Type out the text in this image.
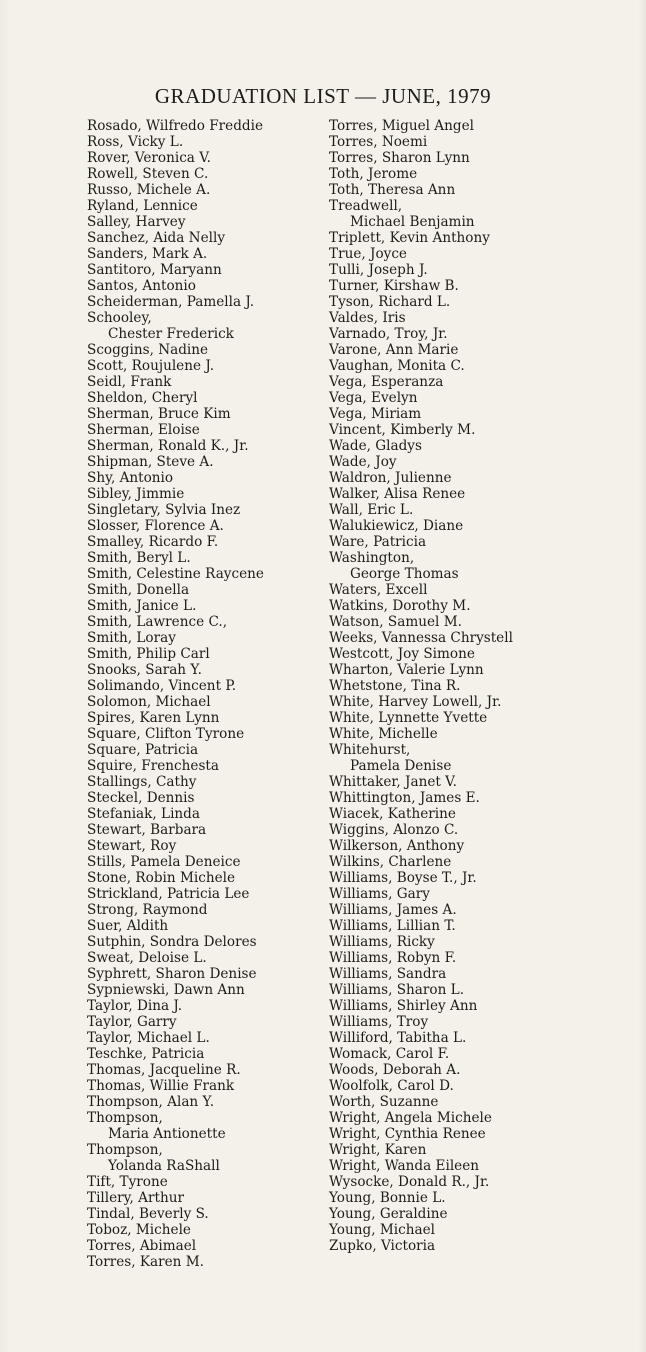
GRADUATION LIST — JUNE, 1979
Rosado, Wilfredo Freddie
Ross, Vicky L.
Rover, Veronica V.
Rowell, Steven C.
Russo, Michele A.
Ryland, Lennice
Salley, Harvey
Sanchez, Aida Nelly
Sanders, Mark A.
Santitoro, Maryann
Santos, Antonio
Scheiderman, Pamella J.
Schooley,
Chester Frederick
Scoggins, Nadine
Scott, Roujulene J.
Seidl, Frank
Sheldon, Cheryl
Sherman, Bruce Kim
Sherman, Eloise
Sherman, Ronald K., Jr.
Shipman, Steve A.
Shy, Antonio
Sibley, Jimmie
Singletary, Sylvia Inez
Slosser, Florence A.
Smalley, Ricardo F.
Smith, Beryl L.
Smith, Celestine Raycene
Smith, Donella
Smith, Janice L.
Smith, Lawrence C.,
Smith, Loray
Smith, Philip Carl
Snooks, Sarah Y.
Solimando, Vincent P.
Solomon, Michael
Spires, Karen Lynn
Square, Clifton Tyrone
Square, Patricia
Squire, Frenchesta
Stallings, Cathy
Steckel, Dennis
Stefaniak, Linda
Stewart, Barbara
Stewart, Roy
Stills, Pamela Deneice
Stone, Robin Michele
Strickland, Patricia Lee
Strong, Raymond
Suer, Aldith
Sutphin, Sondra Delores
Sweat, Deloise L.
Syphrett, Sharon Denise
Sypniewski, Dawn Ann
Taylor, Dina J.
Taylor, Garry
Taylor, Michael L.
Teschke, Patricia
Thomas, Jacqueline R.
Thomas, Willie Frank
Thompson, Alan Y.
Thompson,
Maria Antionette
Thompson,
Yolanda RaShall
Tift, Tyrone
Tillery, Arthur
Tindal, Beverly S.
Toboz, Michele
Torres, Abimael
Torres, Karen M.
Torres, Miguel Angel
Torres, Noemi
Torres, Sharon Lynn
Toth, Jerome
Toth, Theresa Ann
Treadwell,
Michael Benjamin
Triplett, Kevin Anthony
True, Joyce
Tulli, Joseph J.
Turner, Kirshaw B.
Tyson, Richard L.
Valdes, Iris
Varnado, Troy, Jr.
Varone, Ann Marie
Vaughan, Monita C.
Vega, Esperanza
Vega, Evelyn
Vega, Miriam
Vincent, Kimberly M.
Wade, Gladys
Wade, Joy
Waldron, Julienne
Walker, Alisa Renee
Wall, Eric L.
Walukiewicz, Diane
Ware, Patricia
Washington,
George Thomas
Waters, Excell
Watkins, Dorothy M.
Watson, Samuel M.
Weeks, Vannessa Chrystell
Westcott, Joy Simone
Wharton, Valerie Lynn
Whetstone, Tina R.
White, Harvey Lowell, Jr.
White, Lynnette Yvette
White, Michelle
Whitehurst,
Pamela Denise
Whittaker, Janet V.
Whittington, James E.
Wiacek, Katherine
Wiggins, Alonzo C.
Wilkerson, Anthony
Wilkins, Charlene
Williams, Boyse T., Jr.
Williams, Gary
Williams, James A.
Williams, Lillian T.
Williams, Ricky
Williams, Robyn F.
Williams, Sandra
Williams, Sharon L.
Williams, Shirley Ann
Williams, Troy
Williford, Tabitha L.
Womack, Carol F.
Woods, Deborah A.
Woolfolk, Carol D.
Worth, Suzanne
Wright, Angela Michele
Wright, Cynthia Renee
Wright, Karen
Wright, Wanda Eileen
Wysocke, Donald R., Jr.
Young, Bonnie L.
Young, Geraldine
Young, Michael
Zupko, Victoria
